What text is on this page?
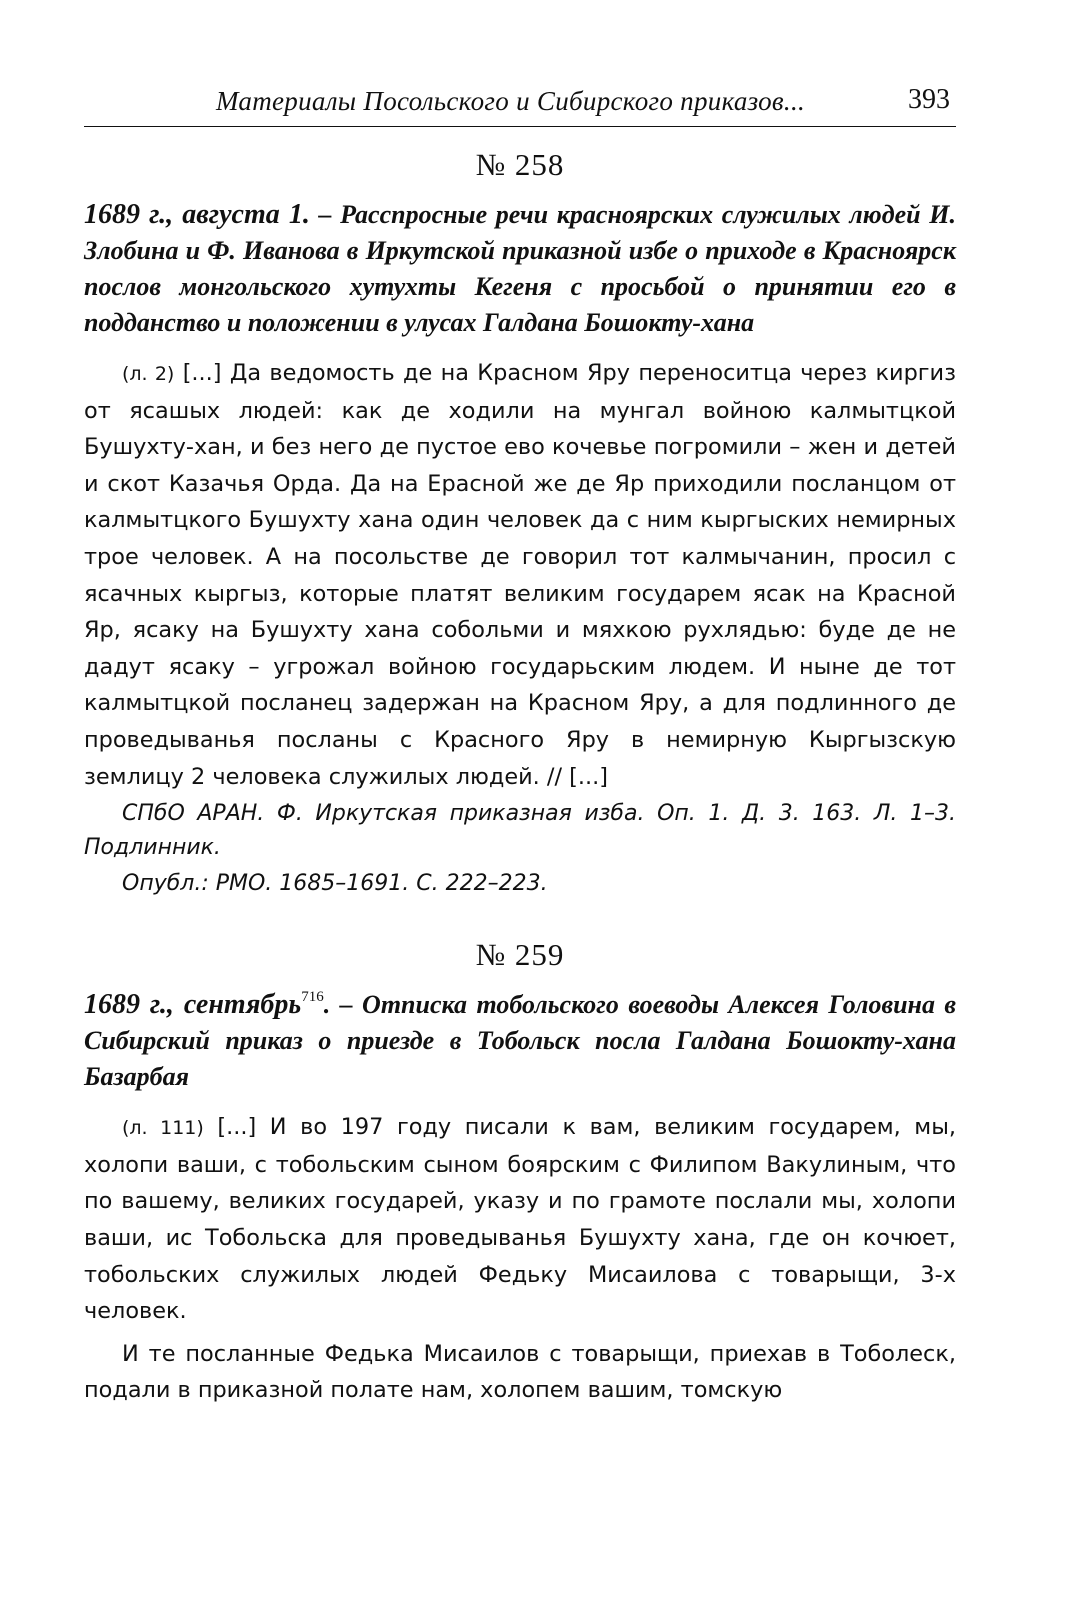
Материалы Посольского и Сибирского приказов...	393
№ 258
1689 г., августа 1. – Расспросные речи красноярских служилых людей И. Злобина и Ф. Иванова в Иркутской приказной избе о приходе в Красноярск послов монгольского хутухты Кегеня с просьбой о принятии его в подданство и положении в улусах Галдана Бошокту-хана

(л. 2) [...] Да ведомость де на Красном Яру переноситца через киргиз от ясашых людей: как де ходили на мунгал войною калмытцкой Бушухту-хан, и без него де пустое ево кочевье погромили – жен и детей и скот Казачья Орда. Да на Ерасной же де Яр приходили посланцом от калмытцкого Бушухту хана один человек да с ним кыргыских немирных трое человек. А на посольстве де говорил тот калмычанин, просил с ясачных кыргыз, которые платят великим государем ясак на Красной Яр, ясаку на Бушухту хана собольми и мяхкою рухлядью: буде де не дадут ясаку – угрожал войною государьским людем. И ныне де тот калмытцкой посланец задержан на Красном Яру, а для подлинного де проведыванья посланы с Красного Яру в немирную Кыргызскую землицу 2 человека служилых людей. // [...]

СПбО АРАН. Ф. Иркутская приказная изба. Оп. 1. Д. 3. 163. Л. 1–3. Подлинник.

Опубл.: РМО. 1685–1691. С. 222–223.

№ 259
1689 г., сентябрь$^{716}$. – Отписка тобольского воеводы Алексея Головина в Сибирский приказ о приезде в Тобольск посла Галдана Бошокту-хана Базарбая

(л. 111) [...] И во 197 году писали к вам, великим государем, мы, холопи ваши, с тобольским сыном боярским с Филипом Вакулиным, что по вашему, великих государей, указу и по грамоте послали мы, холопи ваши, ис Тобольска для проведыванья Бушухту хана, где он кочюет, тобольских служилых людей Федьку Мисаилова с товарыщи, 3-х человек.

И те посланные Федька Мисаилов с товарыщи, приехав в Тоболеск, подали в приказной полате нам, холопем вашим, томскую
